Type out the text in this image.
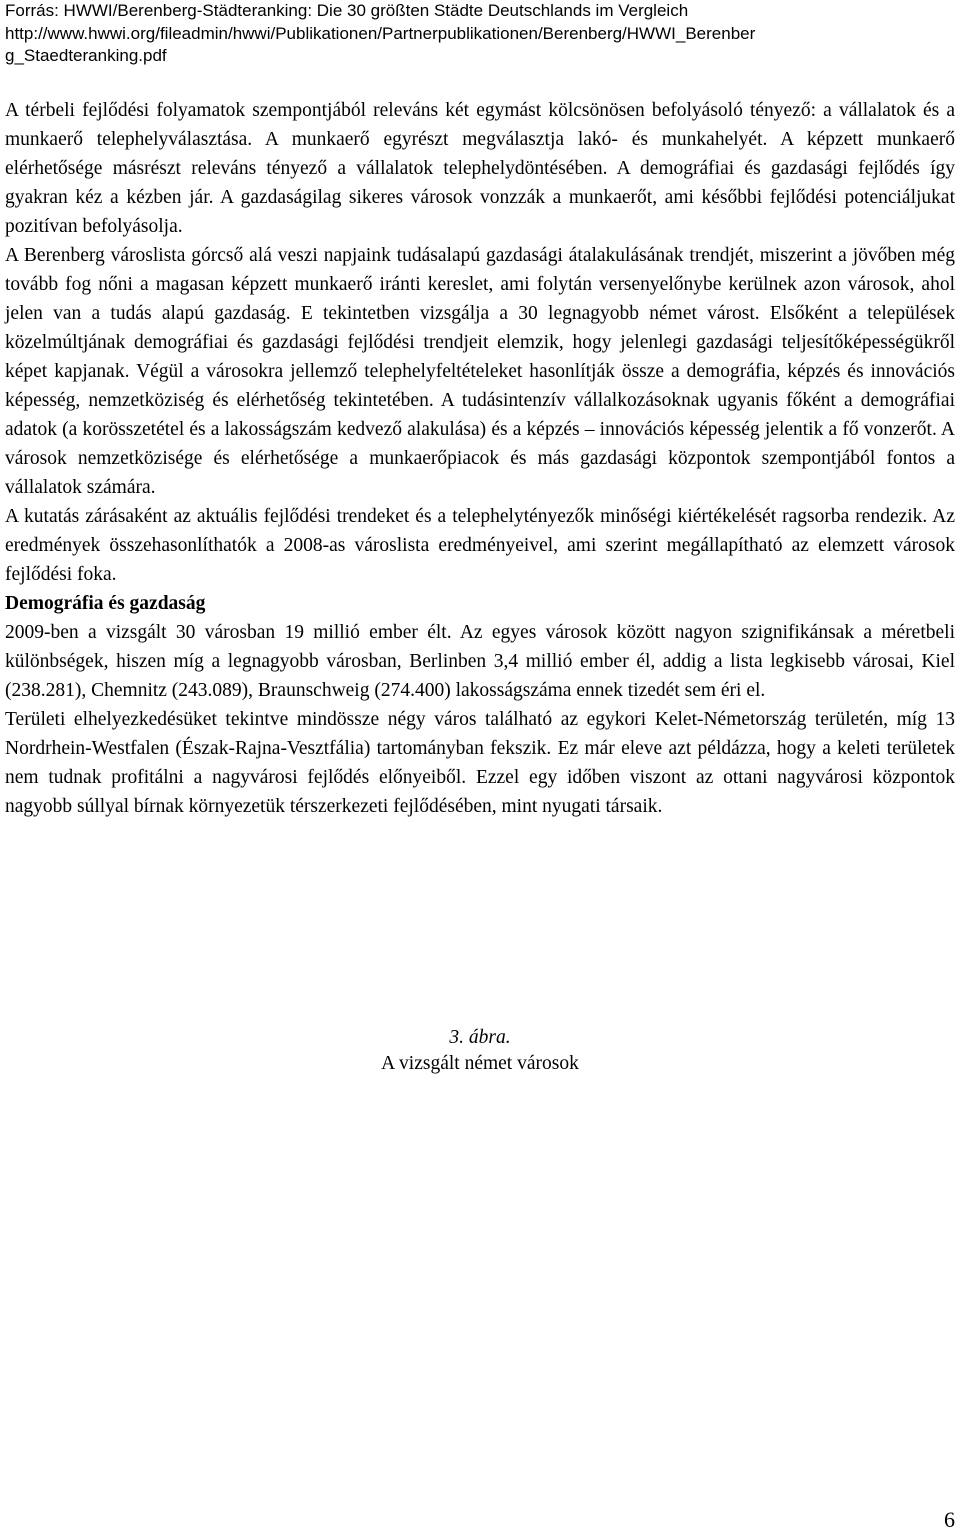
Forrás: HWWI/Berenberg-Städteranking: Die 30 größten Städte Deutschlands im Vergleich
http://www.hwwi.org/fileadmin/hwwi/Publikationen/Partnerpublikationen/Berenberg/HWWI_Berenber
g_Staedteranking.pdf

A térbeli fejlődési folyamatok szempontjából releváns két egymást kölcsönösen befolyásoló tényező: a vállalatok és a munkaerő telephelyválasztása. A munkaerő egyrészt megválasztja lakó- és munkahelyét. A képzett munkaerő elérhetősége másrészt releváns tényező a vállalatok telephelydöntésében. A demográfiai és gazdasági fejlődés így gyakran kéz a kézben jár. A gazdaságilag sikeres városok vonzzák a munkaerőt, ami későbbi fejlődési potenciáljukat pozitívan befolyásolja.

A Berenberg városlista górcső alá veszi napjaink tudásalapú gazdasági átalakulásának trendjét, miszerint a jövőben még tovább fog nőni a magasan képzett munkaerő iránti kereslet, ami folytán versenyelőnybe kerülnek azon városok, ahol jelen van a tudás alapú gazdaság. E tekintetben vizsgálja a 30 legnagyobb német várost. Elsőként a települések közelmúltjának demográfiai és gazdasági fejlődési trendjeit elemzik, hogy jelenlegi gazdasági teljesítőképességükről képet kapjanak. Végül a városokra jellemző telephelyfeltételeket hasonlítják össze a demográfia, képzés és innovációs képesség, nemzetköziség és elérhetőség tekintetében. A tudásintenzív vállalkozásoknak ugyanis főként a demográfiai adatok (a korösszetétel és a lakosságszám kedvező alakulása) és a képzés – innovációs képesség jelentik a fő vonzerőt. A városok nemzetközisége és elérhetősége a munkaerőpiacok és más gazdasági központok szempontjából fontos a vállalatok számára.

A kutatás zárásaként az aktuális fejlődési trendeket és a telephelytényezők minőségi kiértékelését ragsorba rendezik. Az eredmények összehasonlíthatók a 2008-as városlista eredményeivel, ami szerint megállapítható az elemzett városok fejlődési foka.

Demográfia és gazdaság

2009-ben a vizsgált 30 városban 19 millió ember élt. Az egyes városok között nagyon szignifikánsak a méretbeli különbségek, hiszen míg a legnagyobb városban, Berlinben 3,4 millió ember él, addig a lista legkisebb városai, Kiel (238.281), Chemnitz (243.089), Braunschweig (274.400) lakosságszáma ennek tizedét sem éri el.

Területi elhelyezkedésüket tekintve mindössze négy város található az egykori Kelet-Németország területén, míg 13 Nordrhein-Westfalen (Észak-Rajna-Vesztfália) tartományban fekszik. Ez már eleve azt példázza, hogy a keleti területek nem tudnak profitálni a nagyvárosi fejlődés előnyeiből. Ezzel egy időben viszont az ottani nagyvárosi központok nagyobb súllyal bírnak környezetük térszerkezeti fejlődésében, mint nyugati társaik.

3. ábra.
A vizsgált német városok
6
